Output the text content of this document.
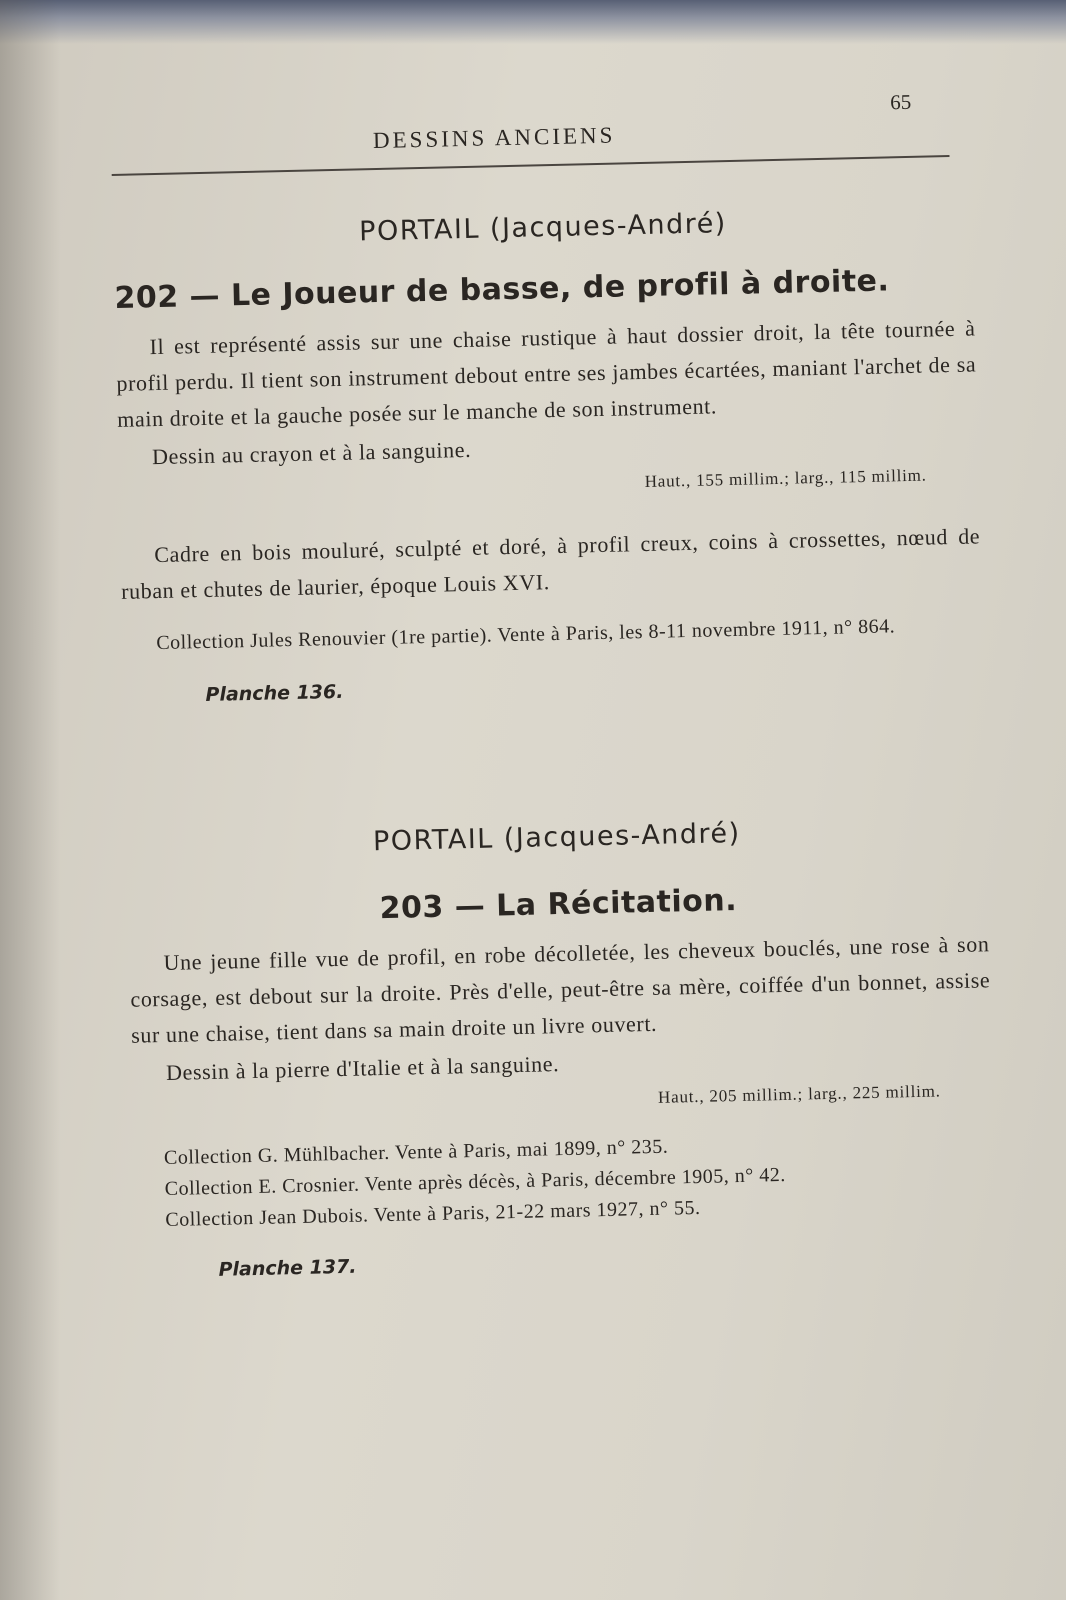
DESSINS ANCIENS
65
PORTAIL (Jacques-André)
202 — Le Joueur de basse, de profil à droite.

Il est représenté assis sur une chaise rustique à haut dossier droit, la tête tournée à profil perdu. Il tient son instrument debout entre ses jambes écartées, maniant l'archet de sa main droite et la gauche posée sur le manche de son instrument.

Dessin au crayon et à la sanguine.

Haut., 155 millim.; larg., 115 millim.

Cadre en bois mouluré, sculpté et doré, à profil creux, coins à crossettes, nœud de ruban et chutes de laurier, époque Louis XVI.

Collection Jules Renouvier (1re partie). Vente à Paris, les 8-11 novembre 1911, n° 864.

Planche 136.
PORTAIL (Jacques-André)
203 — La Récitation.

Une jeune fille vue de profil, en robe décolletée, les cheveux bouclés, une rose à son corsage, est debout sur la droite. Près d'elle, peut-être sa mère, coiffée d'un bonnet, assise sur une chaise, tient dans sa main droite un livre ouvert.

Dessin à la pierre d'Italie et à la sanguine.

Haut., 205 millim.; larg., 225 millim.
Collection G. Mühlbacher. Vente à Paris, mai 1899, n° 235.
Collection E. Crosnier. Vente après décès, à Paris, décembre 1905, n° 42.
Collection Jean Dubois. Vente à Paris, 21-22 mars 1927, n° 55.
Planche 137.
